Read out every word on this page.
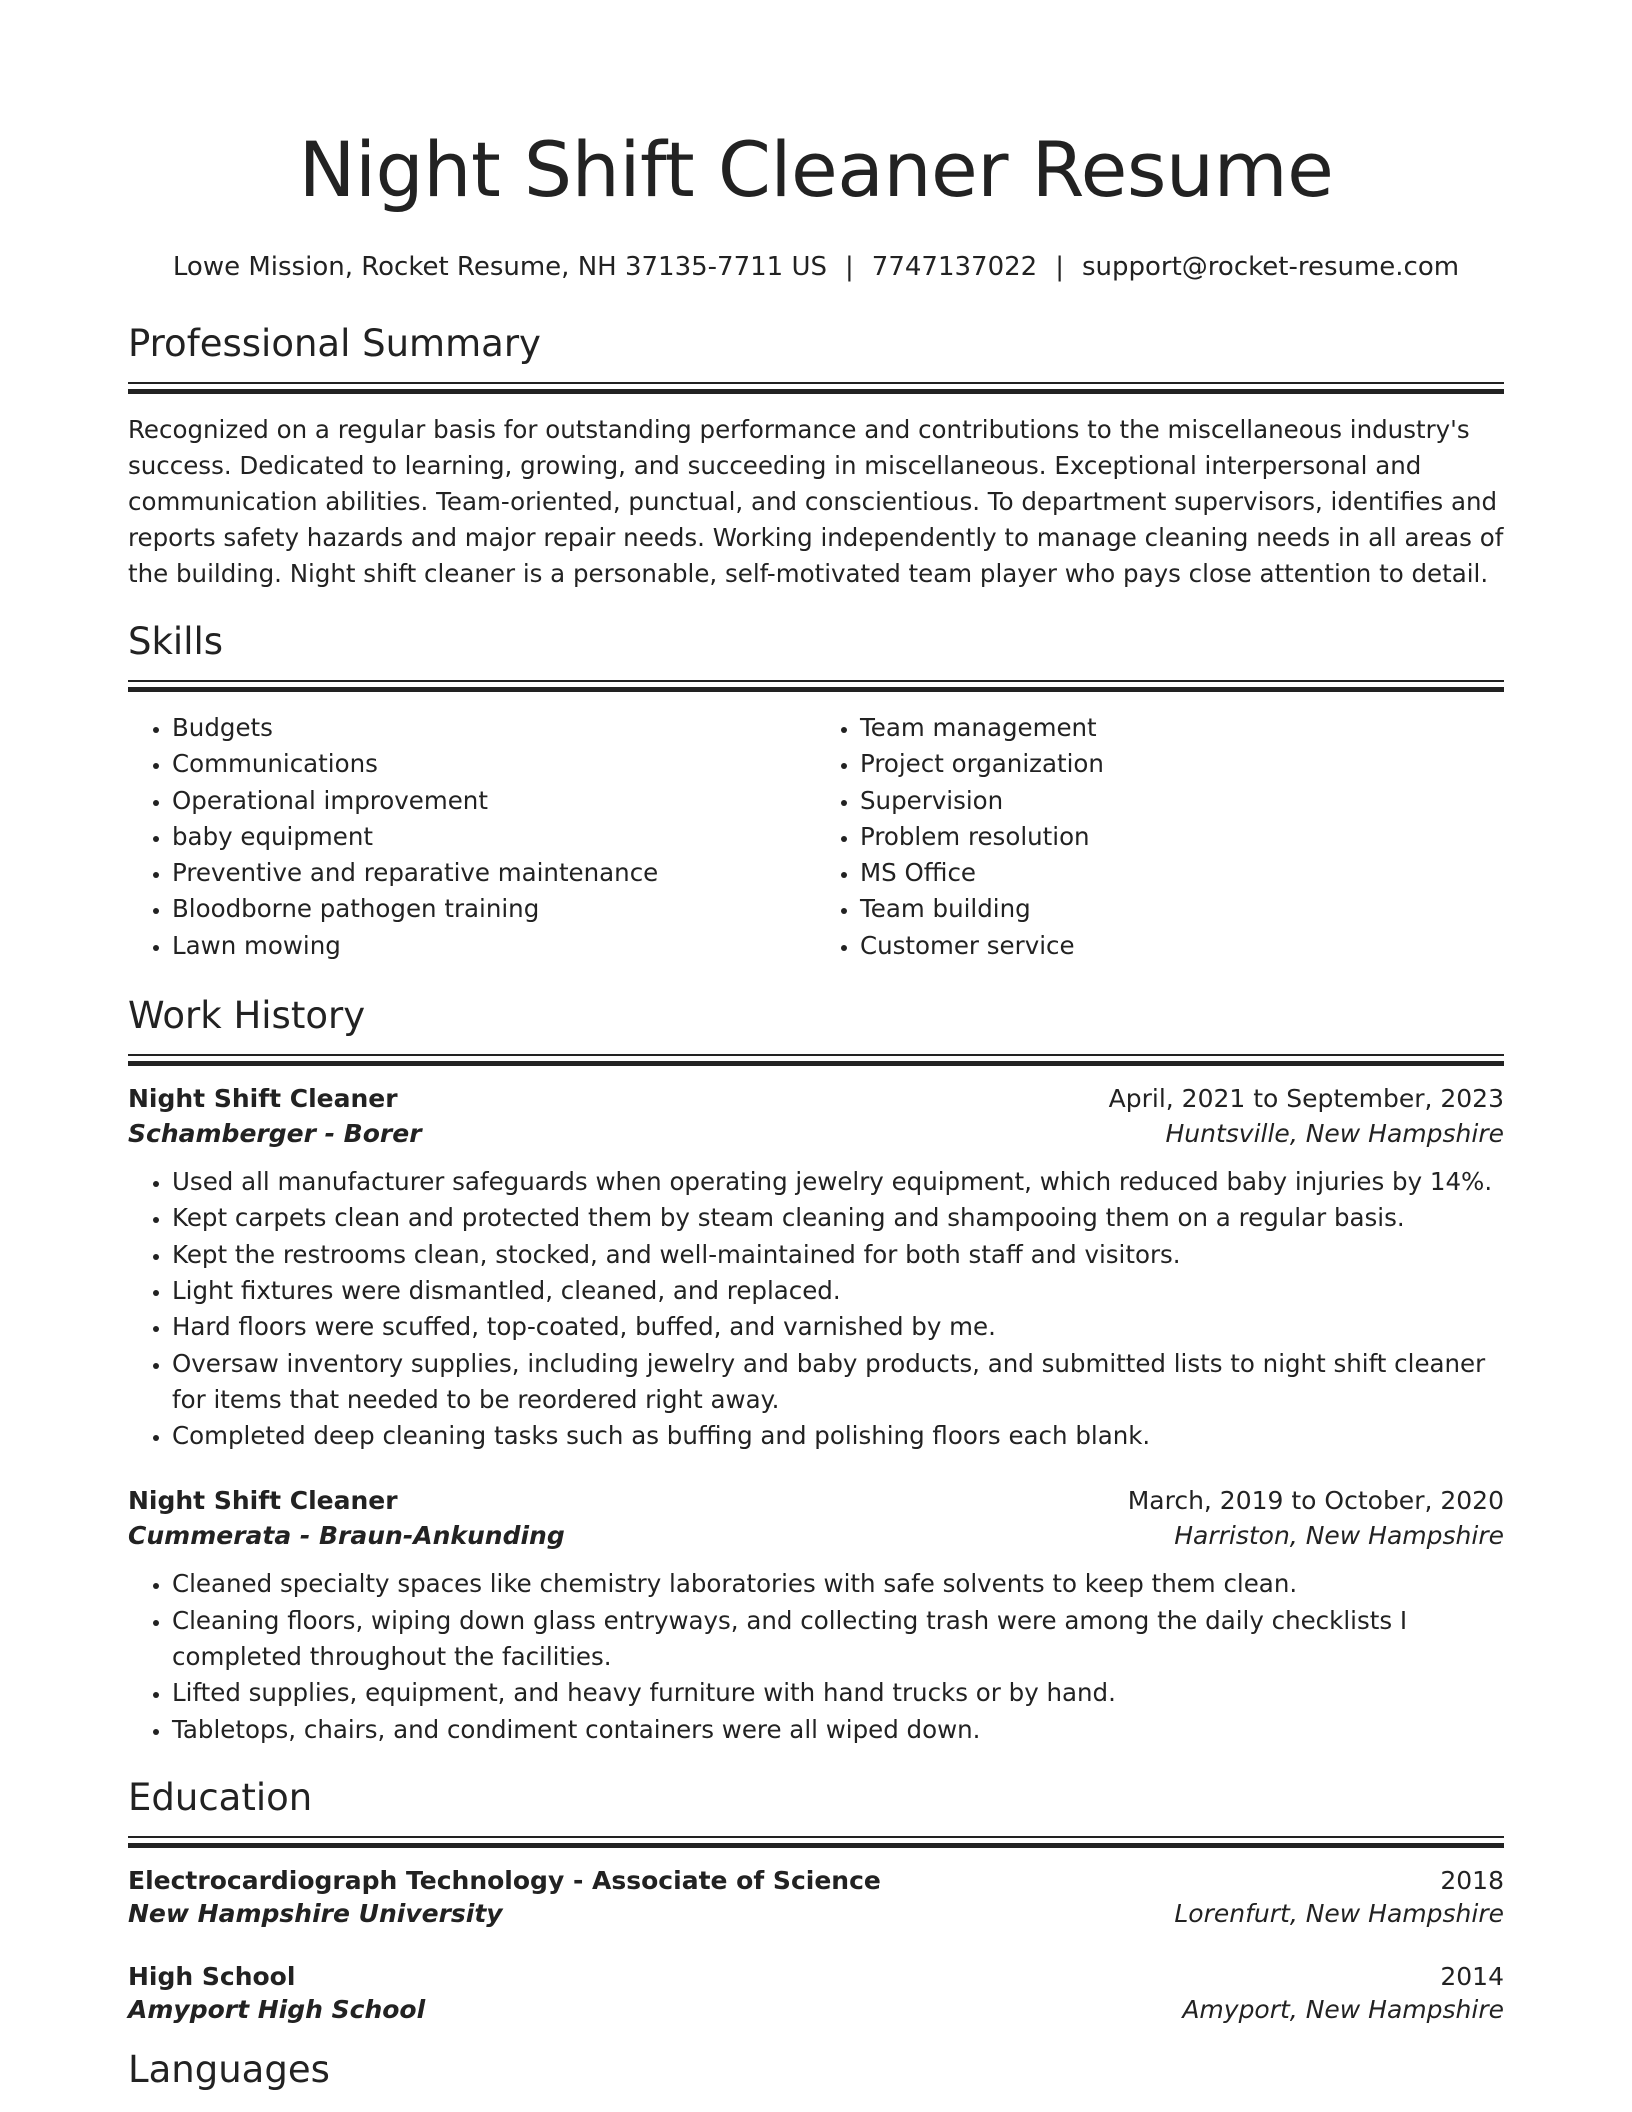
Night Shift Cleaner Resume
Lowe Mission, Rocket Resume, NH 37135-7711 US | 7747137022 | support@rocket-resume.com
Professional Summary

Recognized on a regular basis for outstanding performance and contributions to the miscellaneous industry's success. Dedicated to learning, growing, and succeeding in miscellaneous. Exceptional interpersonal and communication abilities. Team-oriented, punctual, and conscientious. To department supervisors, identifies and reports safety hazards and major repair needs. Working independently to manage cleaning needs in all areas of the building. Night shift cleaner is a personable, self-motivated team player who pays close attention to detail.

Skills
• Budgets
• Communications
• Operational improvement
• baby equipment
• Preventive and reparative maintenance
• Bloodborne pathogen training
• Lawn mowing
• Team management
• Project organization
• Supervision
• Problem resolution
• MS Office
• Team building
• Customer service
Work History
Night Shift Cleaner	April, 2021 to September, 2023
Schamberger - Borer	Huntsville, New Hampshire
• Used all manufacturer safeguards when operating jewelry equipment, which reduced baby injuries by 14%.
• Kept carpets clean and protected them by steam cleaning and shampooing them on a regular basis.
• Kept the restrooms clean, stocked, and well-maintained for both staff and visitors.
• Light fixtures were dismantled, cleaned, and replaced.
• Hard floors were scuffed, top-coated, buffed, and varnished by me.
• Oversaw inventory supplies, including jewelry and baby products, and submitted lists to night shift cleaner for items that needed to be reordered right away.
• Completed deep cleaning tasks such as buffing and polishing floors each blank.
Night Shift Cleaner	March, 2019 to October, 2020
Cummerata - Braun-Ankunding	Harriston, New Hampshire
• Cleaned specialty spaces like chemistry laboratories with safe solvents to keep them clean.
• Cleaning floors, wiping down glass entryways, and collecting trash were among the daily checklists I completed throughout the facilities.
• Lifted supplies, equipment, and heavy furniture with hand trucks or by hand.
• Tabletops, chairs, and condiment containers were all wiped down.
Education
Electrocardiograph Technology - Associate of Science	2018
New Hampshire University	Lorenfurt, New Hampshire
High School	2014
Amyport High School	Amyport, New Hampshire
Languages
